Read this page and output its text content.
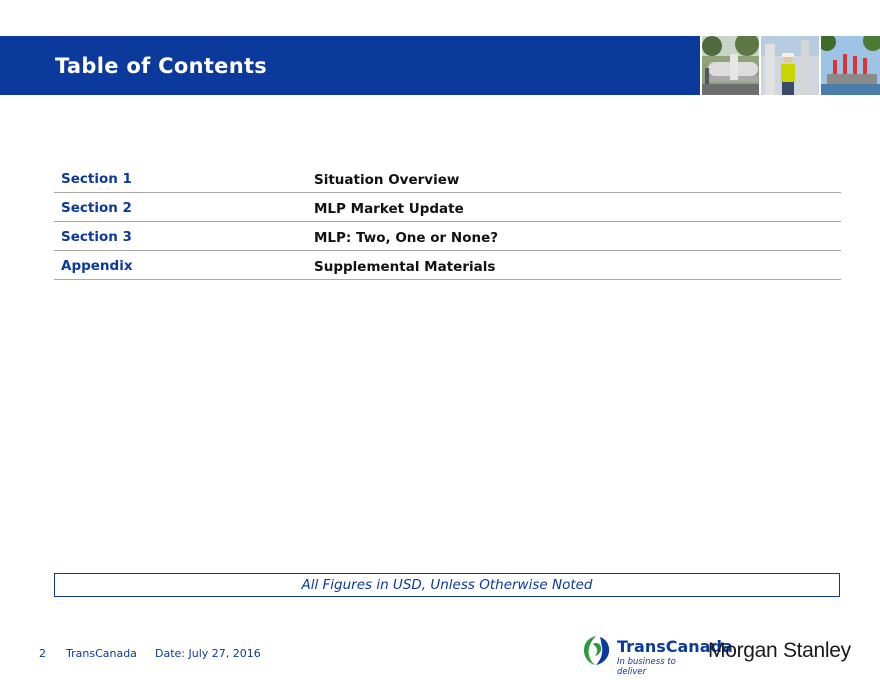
Table of Contents
Section 1	Situation Overview
Section 2	MLP Market Update
Section 3	MLP: Two, One or None?
Appendix	Supplemental Materials
All Figures in USD, Unless Otherwise Noted
2 TransCanada Date: July 27, 2016	TransCanada
In business to deliver
Morgan Stanley
